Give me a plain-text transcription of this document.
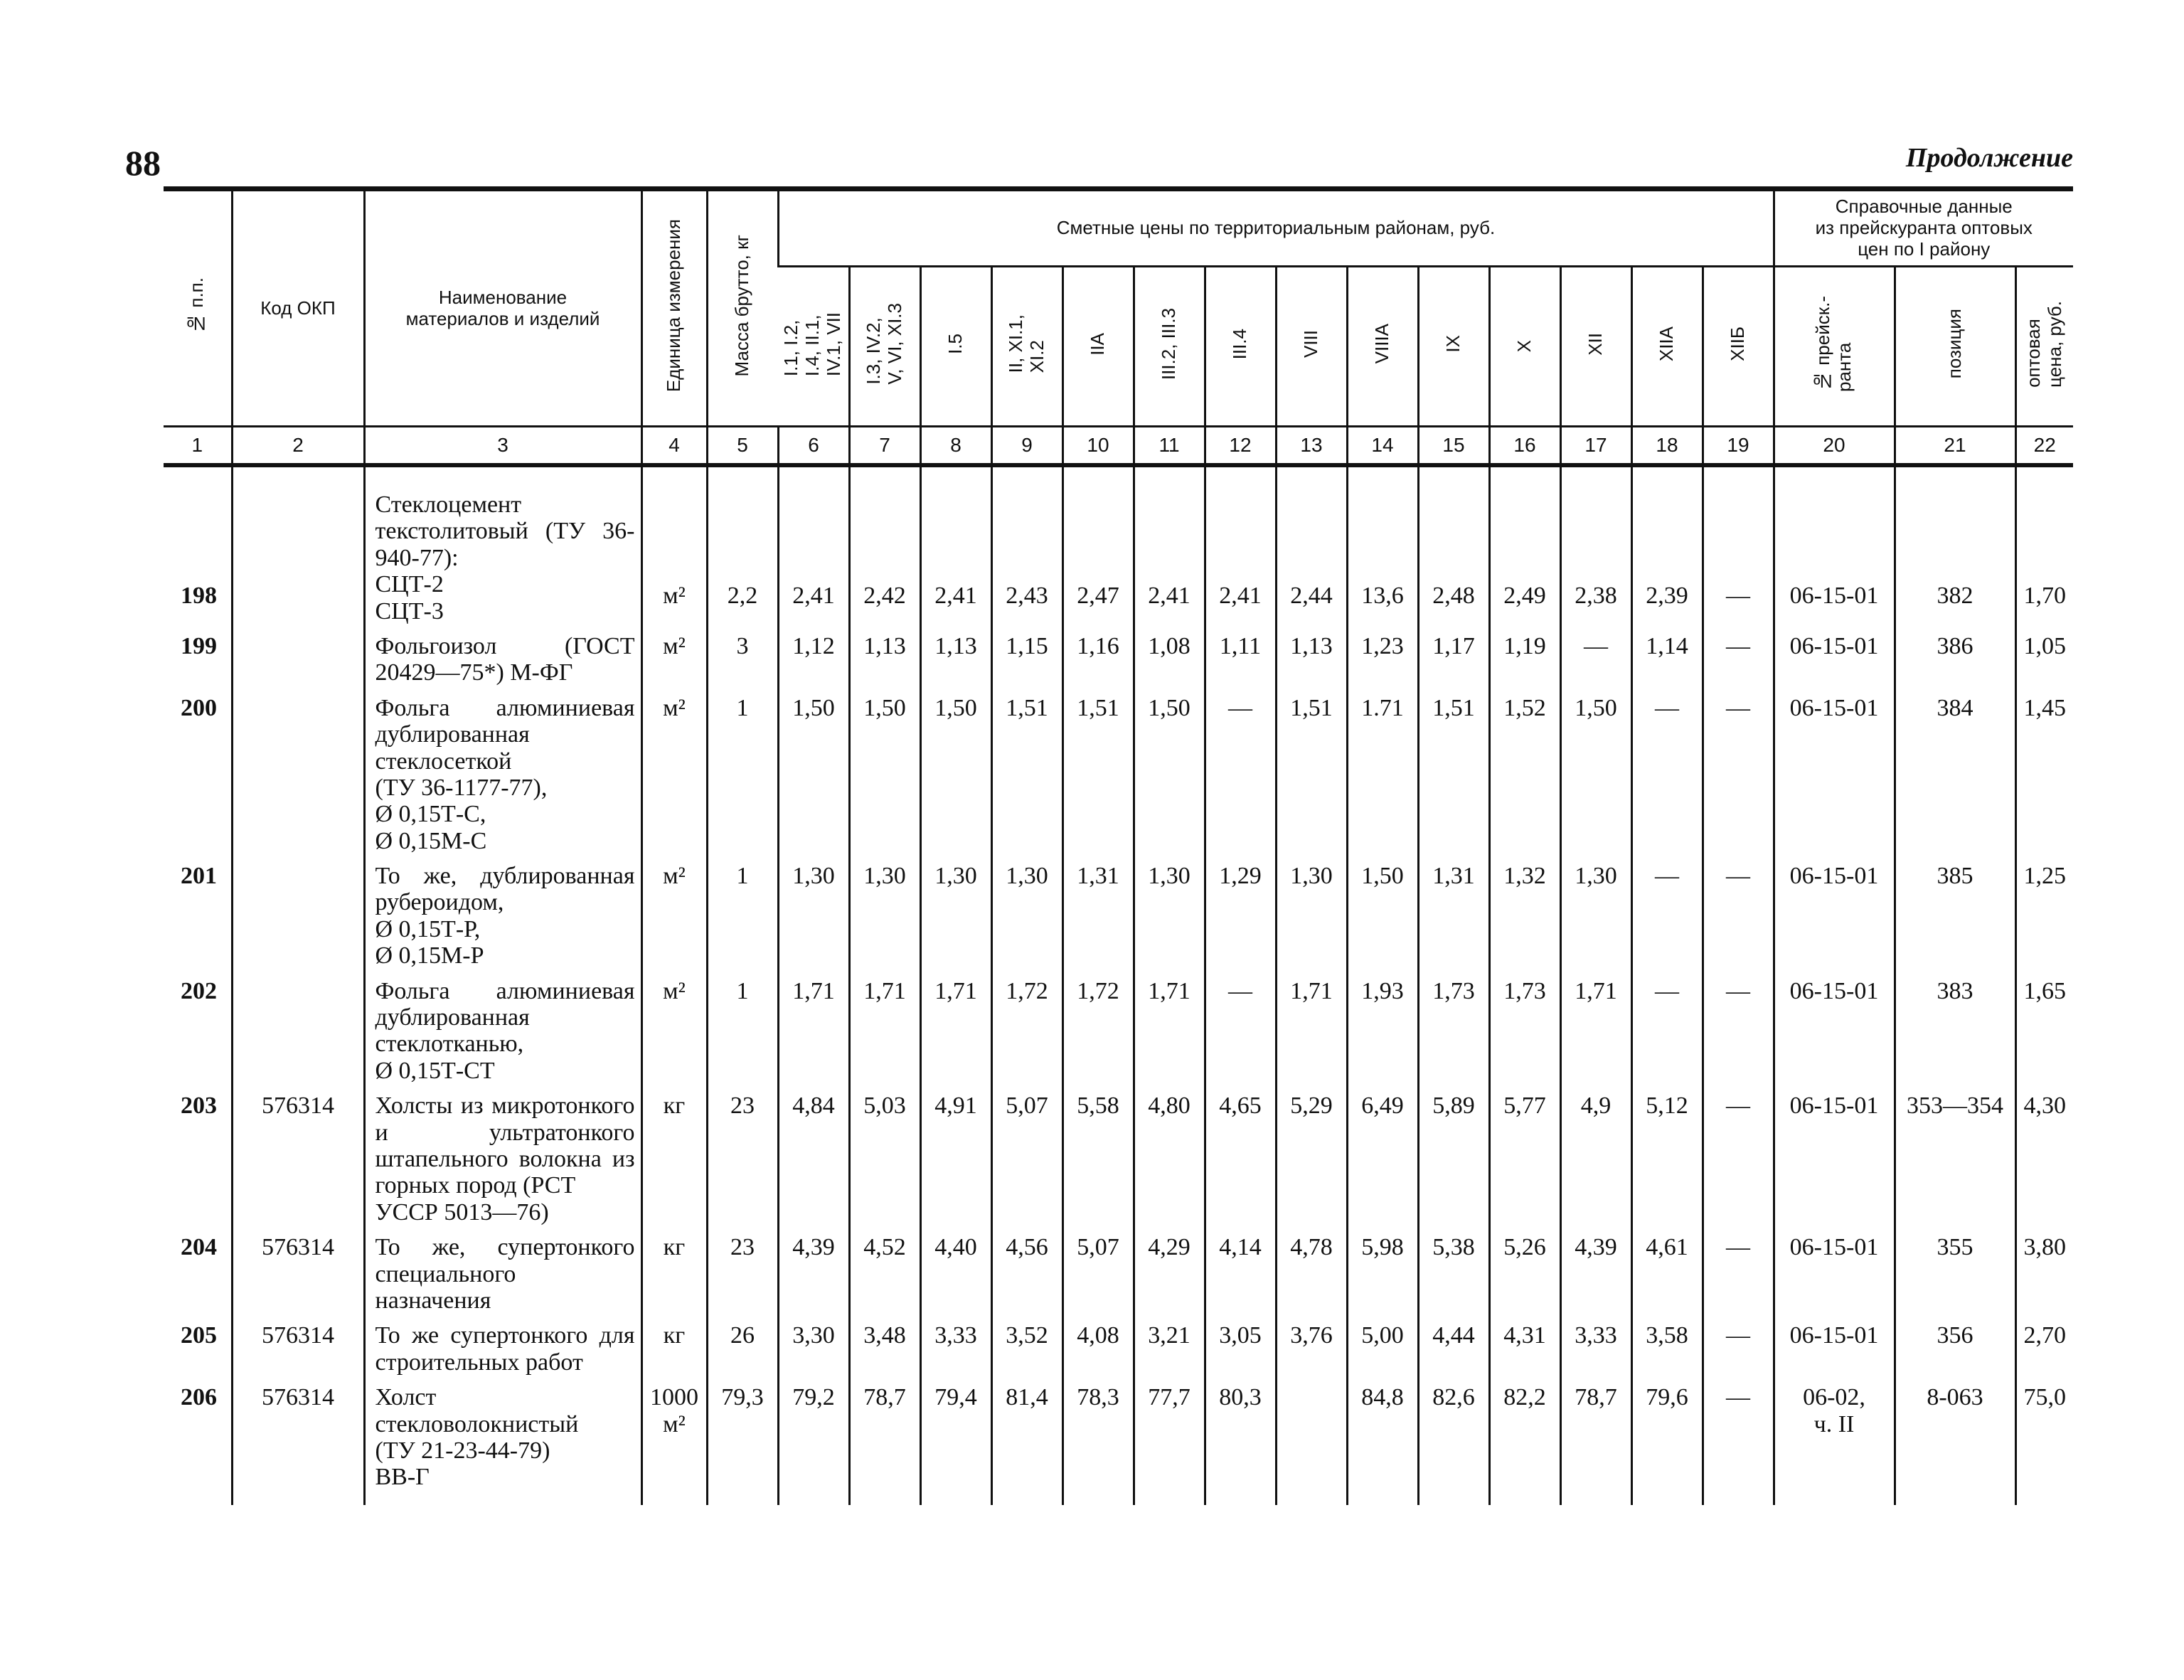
88	Продолжение
№ п.п.	Код ОКП	Наименование
материалов и изделий	Единица измерения	Масса брутто, кг	Сметные цены по территориальным районам, руб.														Справочные данные
из прейскуранта оптовых
цен по I району		
					I.1, I.2,
I.4, II.1,
IV.1, VII	I.3, IV.2,
V, VI, XI.3	I.5	II, XI.1,
XI.2	IIA	III.2, III.3	III.4	VIII	VIIIA	IX	X	XII	XIIA	XIIБ	№ прейск.-
ранта	позиция	оптовая
цена, руб.
1	2	3	4	5	6	7	8	9	10	11	12	13	14	15	16	17	18	19	20	21	22

198		Стеклоцемент текстолитовый (ТУ 36-940-77):
СЦТ-2
СЦТ-3	м²	2,2	2,41	2,42	2,41	2,43	2,47	2,41	2,41	2,44	13,6	2,48	2,49	2,38	2,39	—	06-15-01	382	1,70
199		Фольгоизол (ГОСТ 20429—75*) М-ФГ	м²	3	1,12	1,13	1,13	1,15	1,16	1,08	1,11	1,13	1,23	1,17	1,19	—	1,14	—	06-15-01	386	1,05
200		Фольга алюминиевая дублированная стеклосеткой
(ТУ 36-1177-77),
Ø 0,15Т-С,
Ø 0,15М-С	м²	1	1,50	1,50	1,50	1,51	1,51	1,50	—	1,51	1.71	1,51	1,52	1,50	—	—	06-15-01	384	1,45
201		То же, дублированная рубероидом,
Ø 0,15Т-Р,
Ø 0,15М-Р	м²	1	1,30	1,30	1,30	1,30	1,31	1,30	1,29	1,30	1,50	1,31	1,32	1,30	—	—	06-15-01	385	1,25
202		Фольга алюминиевая дублированная стеклотканью,
Ø 0,15Т-СТ	м²	1	1,71	1,71	1,71	1,72	1,72	1,71	—	1,71	1,93	1,73	1,73	1,71	—	—	06-15-01	383	1,65
203	576314	Холсты из микротонкого и ультратонкого штапельного волокна из горных пород (РСТ
УССР 5013—76)	кг	23	4,84	5,03	4,91	5,07	5,58	4,80	4,65	5,29	6,49	5,89	5,77	4,9	5,12	—	06-15-01	353—354	4,30
204	576314	То же, супертонкого специального назначения	кг	23	4,39	4,52	4,40	4,56	5,07	4,29	4,14	4,78	5,98	5,38	5,26	4,39	4,61	—	06-15-01	355	3,80
205	576314	То же супертонкого для строительных работ	кг	26	3,30	3,48	3,33	3,52	4,08	3,21	3,05	3,76	5,00	4,44	4,31	3,33	3,58	—	06-15-01	356	2,70
206	576314	Холст стекловолокнистый
(ТУ 21-23-44-79)
ВВ-Г	1000
м²	79,3	79,2	78,7	79,4	81,4	78,3	77,7	80,3		84,8	82,6	82,2	78,7	79,6	—	06-02,
ч. II	8-063	75,0
